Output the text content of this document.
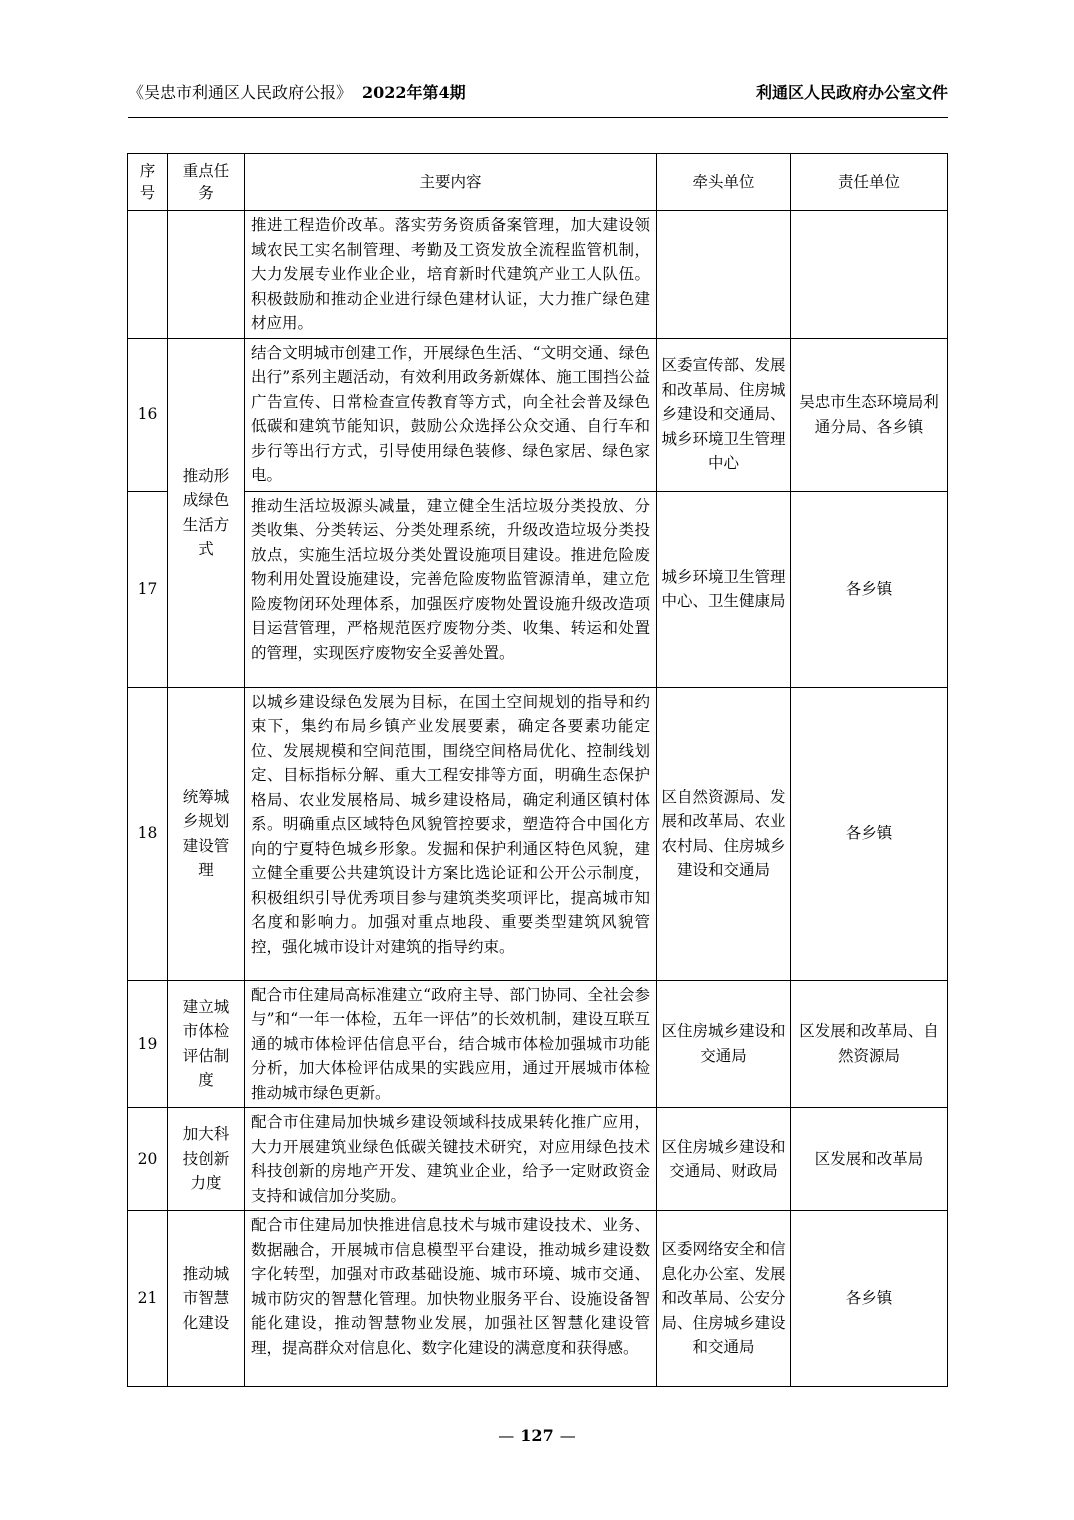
《吴忠市利通区人民政府公报》 2022年第4期	利通区人民政府办公室文件
序号	重点任务	主要内容	牵头单位	责任单位
		推进工程造价改革。落实劳务资质备案管理，加大建设领域农民工实名制管理、考勤及工资发放全流程监管机制，大力发展专业作业企业，培育新时代建筑产业工人队伍。积极鼓励和推动企业进行绿色建材认证，大力推广绿色建材应用。		
16	推动形成绿色生活方式	结合文明城市创建工作，开展绿色生活、“文明交通、绿色出行”系列主题活动，有效利用政务新媒体、施工围挡公益广告宣传、日常检查宣传教育等方式，向全社会普及绿色低碳和建筑节能知识，鼓励公众选择公众交通、自行车和步行等出行方式，引导使用绿色装修、绿色家居、绿色家电。	区委宣传部、发展和改革局、住房城乡建设和交通局、城乡环境卫生管理中心	吴忠市生态环境局利通分局、各乡镇
17		推动生活垃圾源头减量，建立健全生活垃圾分类投放、分类收集、分类转运、分类处理系统，升级改造垃圾分类投放点，实施生活垃圾分类处置设施项目建设。推进危险废物利用处置设施建设，完善危险废物监管源清单，建立危险废物闭环处理体系，加强医疗废物处置设施升级改造项目运营管理，严格规范医疗废物分类、收集、转运和处置的管理，实现医疗废物安全妥善处置。	城乡环境卫生管理中心、卫生健康局	各乡镇
18	统筹城乡规划建设管理	以城乡建设绿色发展为目标，在国土空间规划的指导和约束下，集约布局乡镇产业发展要素，确定各要素功能定位、发展规模和空间范围，围绕空间格局优化、控制线划定、目标指标分解、重大工程安排等方面，明确生态保护格局、农业发展格局、城乡建设格局，确定利通区镇村体系。明确重点区域特色风貌管控要求，塑造符合中国化方向的宁夏特色城乡形象。发掘和保护利通区特色风貌，建立健全重要公共建筑设计方案比选论证和公开公示制度，积极组织引导优秀项目参与建筑类奖项评比，提高城市知名度和影响力。加强对重点地段、重要类型建筑风貌管控，强化城市设计对建筑的指导约束。	区自然资源局、发展和改革局、农业农村局、住房城乡建设和交通局	各乡镇
19	建立城市体检评估制度	配合市住建局高标准建立“政府主导、部门协同、全社会参与”和“一年一体检，五年一评估”的长效机制，建设互联互通的城市体检评估信息平台，结合城市体检加强城市功能分析，加大体检评估成果的实践应用，通过开展城市体检推动城市绿色更新。	区住房城乡建设和交通局	区发展和改革局、自然资源局
20	加大科技创新力度	配合市住建局加快城乡建设领域科技成果转化推广应用，大力开展建筑业绿色低碳关键技术研究，对应用绿色技术科技创新的房地产开发、建筑业企业，给予一定财政资金支持和诚信加分奖励。	区住房城乡建设和交通局、财政局	区发展和改革局
21	推动城市智慧化建设	配合市住建局加快推进信息技术与城市建设技术、业务、数据融合，开展城市信息模型平台建设，推动城乡建设数字化转型，加强对市政基础设施、城市环境、城市交通、城市防灾的智慧化管理。加快物业服务平台、设施设备智能化建设，推动智慧物业发展，加强社区智慧化建设管理，提高群众对信息化、数字化建设的满意度和获得感。	区委网络安全和信息化办公室、发展和改革局、公安分局、住房城乡建设和交通局	各乡镇
— 127 —
